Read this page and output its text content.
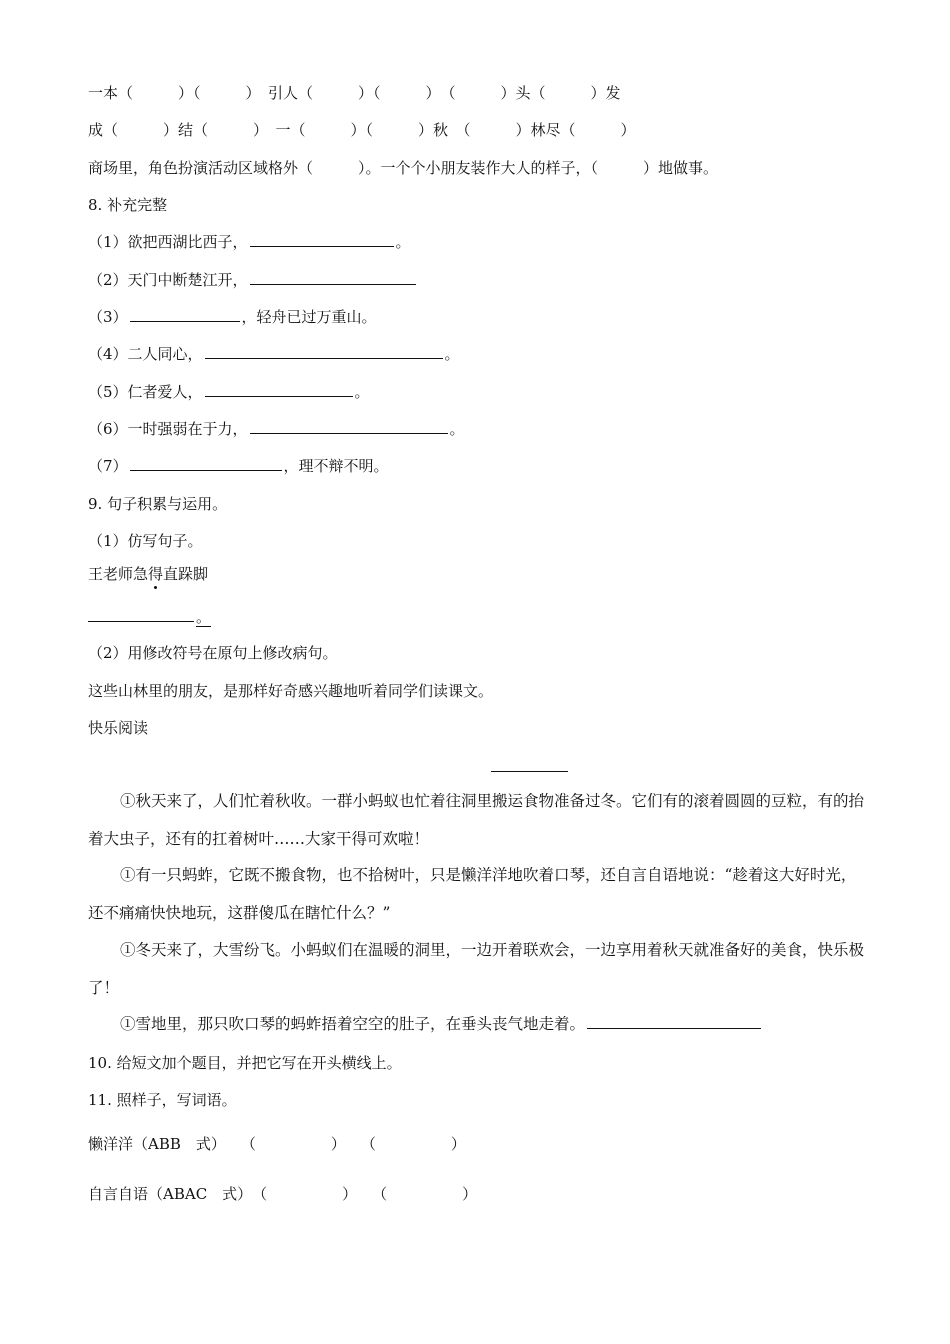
一本（　　　）（　　　）　引人（　　　）（　　　）　（　　　）头（　　　）发
成（　　　）结（　　　）　一（　　　）（　　　）秋　（　　　）林尽（　　　）
商场里，角色扮演活动区域格外（　　　）。一个个小朋友装作大人的样子，（　　　）地做事。
8. 补充完整
（1）欲把西湖比西子，	。
（2）天门中断楚江开，
（3）	，轻舟已过万重山。
（4）二人同心，	。
（5）仁者爱人，	。
（6）一时强弱在于力，	。
（7）	，理不辩不明。
9. 句子积累与运用。
（1）仿写句子。
王老师急得直跺脚
。
（2）用修改符号在原句上修改病句。
这些山林里的朋友，是那样好奇感兴趣地听着同学们读课文。
快乐阅读
①秋天来了，人们忙着秋收。一群小蚂蚁也忙着往洞里搬运食物准备过冬。它们有的滚着圆圆的豆粒，有的抬着大虫子，还有的扛着树叶……大家干得可欢啦！
①有一只蚂蚱，它既不搬食物，也不拾树叶，只是懒洋洋地吹着口琴，还自言自语地说：“趁着这大好时光，还不痛痛快快地玩，这群傻瓜在瞎忙什么？”
①冬天来了，大雪纷飞。小蚂蚁们在温暖的洞里，一边开着联欢会，一边享用着秋天就准备好的美食，快乐极了！
①雪地里，那只吹口琴的蚂蚱捂着空空的肚子，在垂头丧气地走着。
10. 给短文加个题目，并把它写在开头横线上。
11. 照样子，写词语。
懒洋洋（ABB　式）　　（　　　　　）　　（　　　　　）
自言自语（ABAC　式）　（　　　　　）　　（　　　　　）
